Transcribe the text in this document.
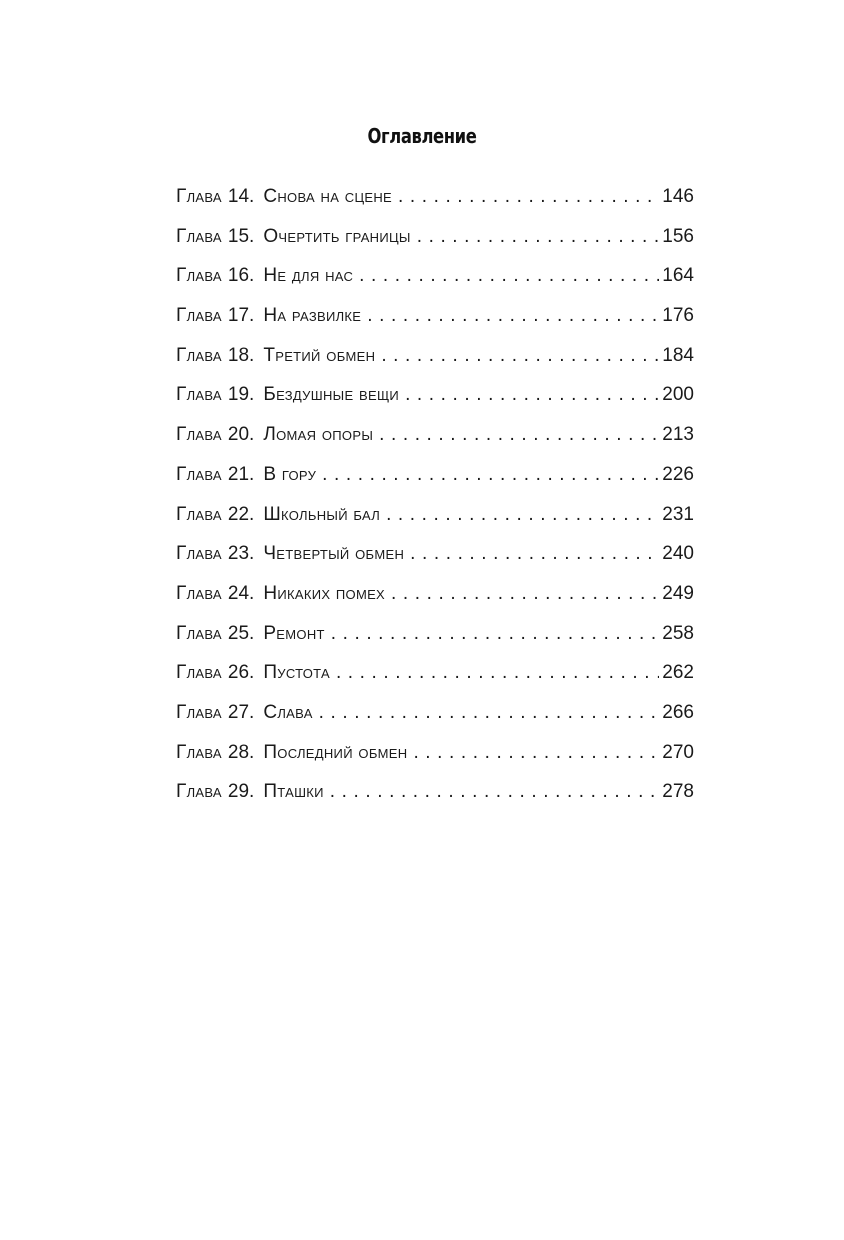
Оглавление
Глава 14. Снова на сцене . . .	146
Глава 15. Очертить границы . . .	156
Глава 16. Не для нас . . .	164
Глава 17. На развилке . . .	176
Глава 18. Третий обмен . . .	184
Глава 19. Бездушные вещи . . .	200
Глава 20. Ломая опоры . . .	213
Глава 21. В гору . . .	226
Глава 22. Школьный бал . . .	231
Глава 23. Четвертый обмен . . .	240
Глава 24. Никаких помех . . .	249
Глава 25. Ремонт . . .	258
Глава 26. Пустота . . .	262
Глава 27. Слава . . .	266
Глава 28. Последний обмен . . .	270
Глава 29. Пташки . . .	278
